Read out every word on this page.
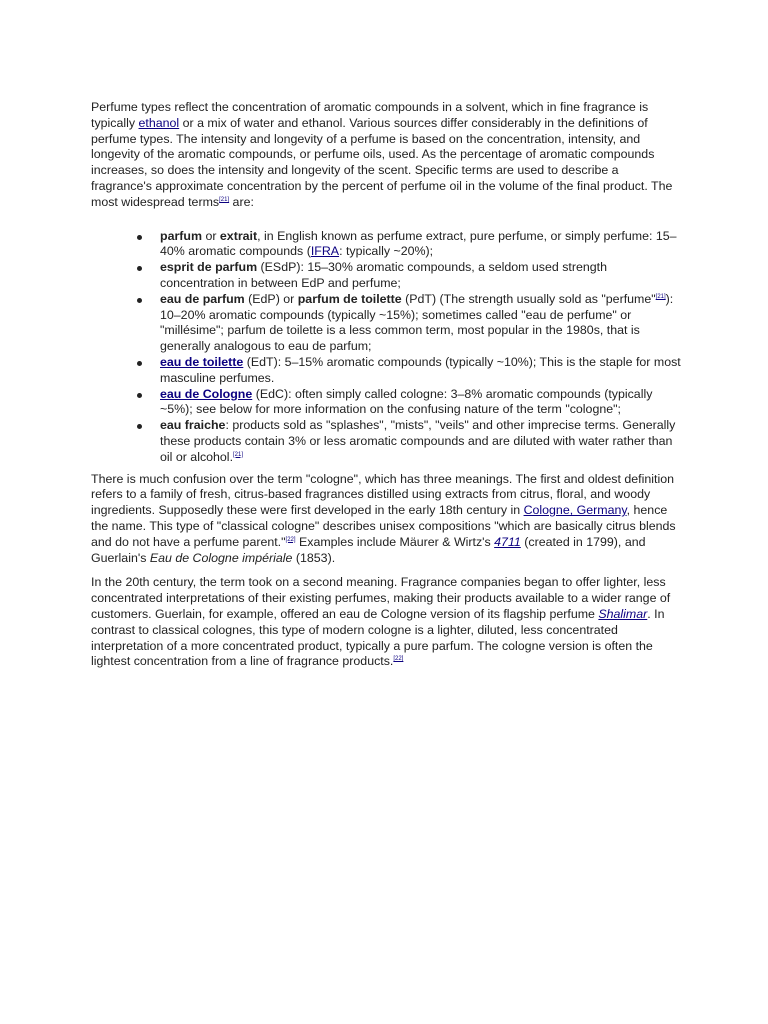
Perfume types reflect the concentration of aromatic compounds in a solvent, which in fine fragrance is typically ethanol or a mix of water and ethanol. Various sources differ considerably in the definitions of perfume types. The intensity and longevity of a perfume is based on the concentration, intensity, and longevity of the aromatic compounds, or perfume oils, used. As the percentage of aromatic compounds increases, so does the intensity and longevity of the scent. Specific terms are used to describe a fragrance's approximate concentration by the percent of perfume oil in the volume of the final product. The most widespread terms[21] are:

parfum or extrait, in English known as perfume extract, pure perfume, or simply perfume: 15–40% aromatic compounds (IFRA: typically ~20%);
esprit de parfum (ESdP): 15–30% aromatic compounds, a seldom used strength concentration in between EdP and perfume;
eau de parfum (EdP) or parfum de toilette (PdT) (The strength usually sold as "perfume"[21]): 10–20% aromatic compounds (typically ~15%); sometimes called "eau de perfume" or "millésime"; parfum de toilette is a less common term, most popular in the 1980s, that is generally analogous to eau de parfum;
eau de toilette (EdT): 5–15% aromatic compounds (typically ~10%); This is the staple for most masculine perfumes.
eau de Cologne (EdC): often simply called cologne: 3–8% aromatic compounds (typically ~5%); see below for more information on the confusing nature of the term "cologne";
eau fraiche: products sold as "splashes", "mists", "veils" and other imprecise terms. Generally these products contain 3% or less aromatic compounds and are diluted with water rather than oil or alcohol.[21]

There is much confusion over the term "cologne", which has three meanings. The first and oldest definition refers to a family of fresh, citrus-based fragrances distilled using extracts from citrus, floral, and woody ingredients. Supposedly these were first developed in the early 18th century in Cologne, Germany, hence the name. This type of "classical cologne" describes unisex compositions "which are basically citrus blends and do not have a perfume parent."[22] Examples include Mäurer & Wirtz's 4711 (created in 1799), and Guerlain's Eau de Cologne impériale (1853).

In the 20th century, the term took on a second meaning. Fragrance companies began to offer lighter, less concentrated interpretations of their existing perfumes, making their products available to a wider range of customers. Guerlain, for example, offered an eau de Cologne version of its flagship perfume Shalimar. In contrast to classical colognes, this type of modern cologne is a lighter, diluted, less concentrated interpretation of a more concentrated product, typically a pure parfum. The cologne version is often the lightest concentration from a line of fragrance products.[22]
